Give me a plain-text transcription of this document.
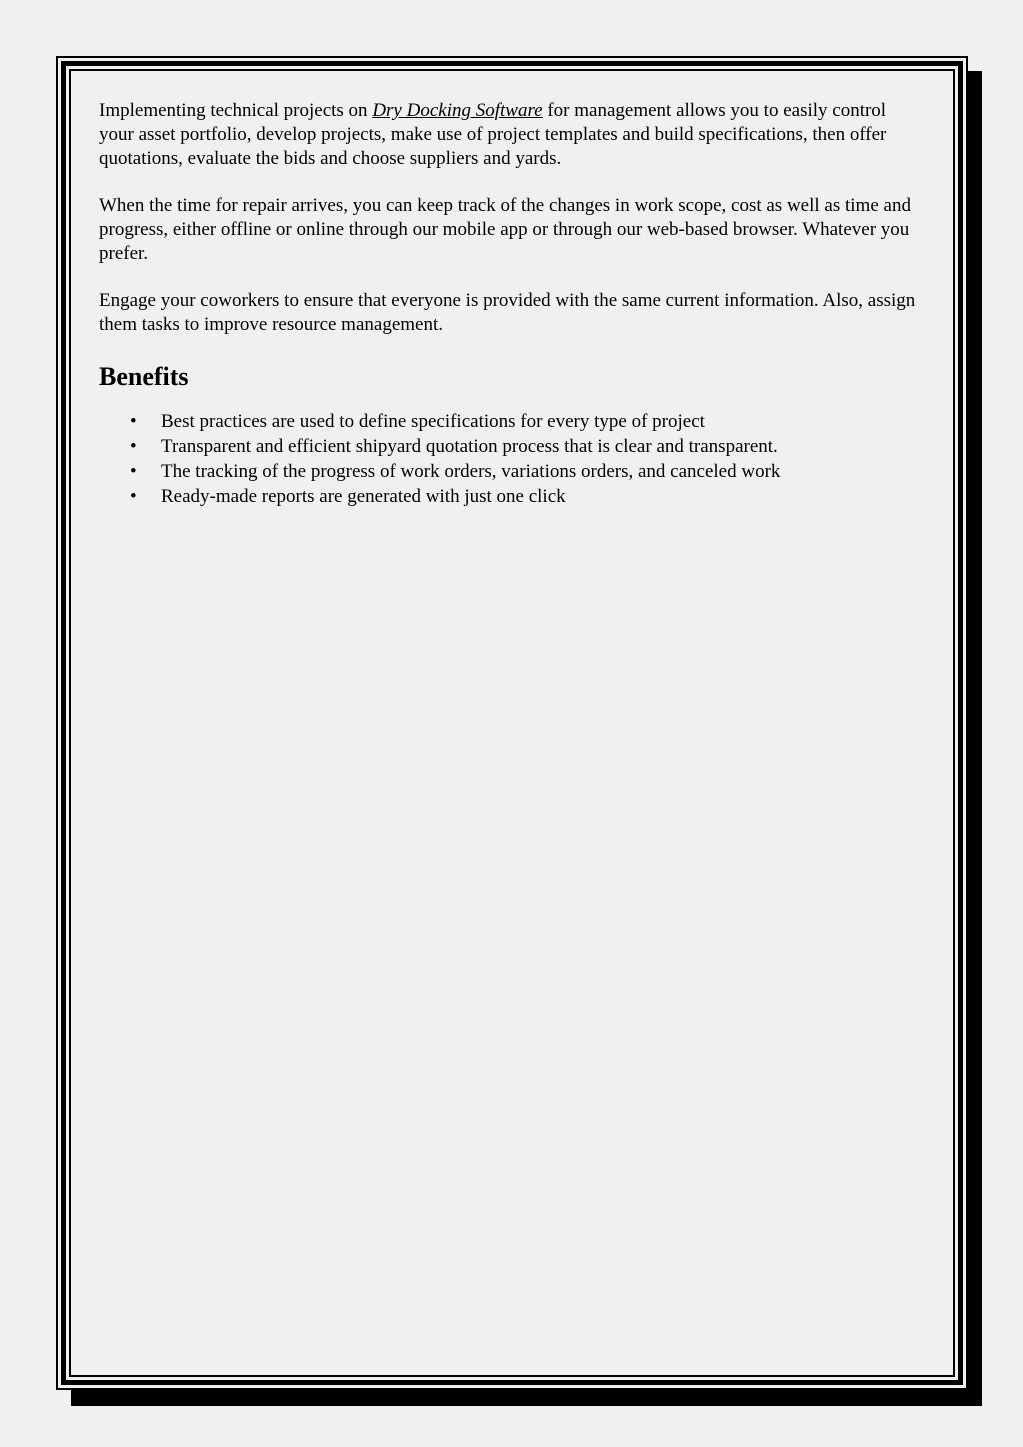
Implementing technical projects on Dry Docking Software for management allows you to easily control your asset portfolio, develop projects, make use of project templates and build specifications, then offer quotations, evaluate the bids and choose suppliers and yards.

When the time for repair arrives, you can keep track of the changes in work scope, cost as well as time and progress, either offline or online through our mobile app or through our web-based browser. Whatever you prefer.

Engage your coworkers to ensure that everyone is provided with the same current information. Also, assign them tasks to improve resource management.

Benefits
• Best practices are used to define specifications for every type of project
• Transparent and efficient shipyard quotation process that is clear and transparent.
• The tracking of the progress of work orders, variations orders, and canceled work
• Ready-made reports are generated with just one click
